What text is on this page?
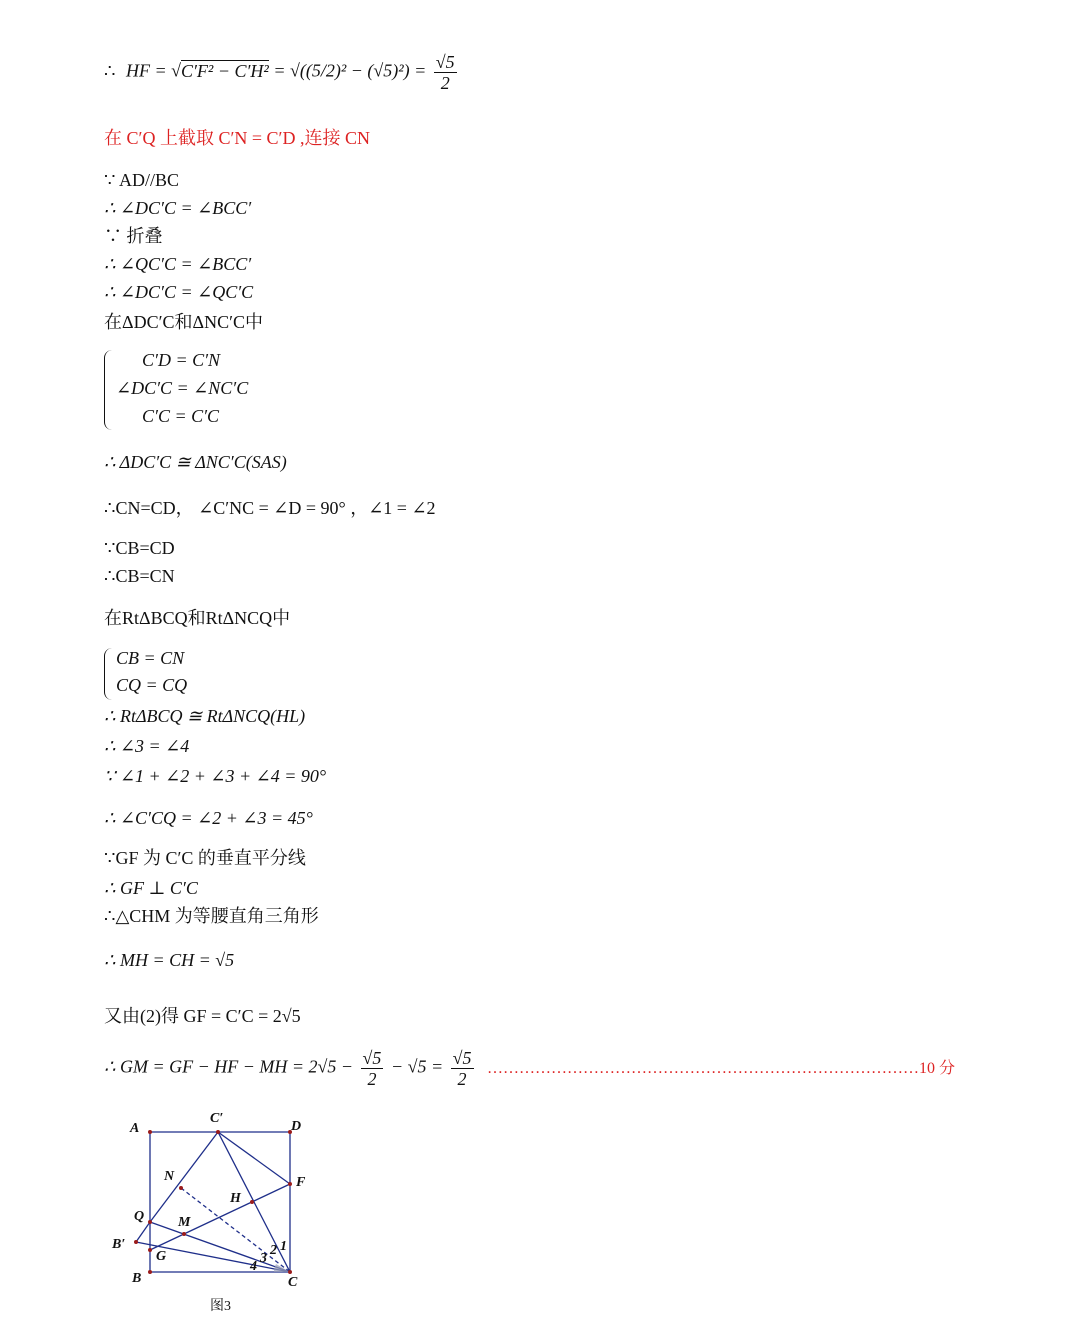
∴ HF = $√C'F^2 - C'H^2 = √((5/2)^2 - (√5)^2) = \frac{√5}{2}$
在 C′Q 上截取 C′N = C′D ,连接 CN
∵ AD//BC
∴ ∠DC′C = ∠BCC′
∵ 折叠
∴ ∠QC′C = ∠BCC′
∴ ∠DC′C = ∠QC′C
在ΔDC′C和ΔNC′C中
C′D = C′N
∠DC′C = ∠NC′C
C′C = C′C
∴ ΔDC′C ≅ ΔNC′C(SAS)
∴CN=CD， ∠C′NC = ∠D = 90° ，∠1 = ∠2
∵CB=CD
∴CB=CN
在RtΔBCQ和RtΔNCQ中
CB = CN
CQ = CQ
∴ RtΔBCQ ≅ RtΔNCQ(HL)
∴ ∠3 = ∠4
∵ ∠1 + ∠2 + ∠3 + ∠4 = 90°
∴ ∠C′CQ = ∠2 + ∠3 = 45°
∵GF 为 C′C 的垂直平分线
∴ GF ⊥ C′C
∴△CHM 为等腰直角三角形
∴ MH = CH = √5
又由(2)得 GF = C′C = 2√5
∴ GM = GF − HF − MH = $2√5 - \frac{√5}{2} - √5 = \frac{√5}{2}$ ………………………………………………………………………10 分
A
C′
D
F
N
H
Q M
B′
G
B	C
1
2
3
4
图3
